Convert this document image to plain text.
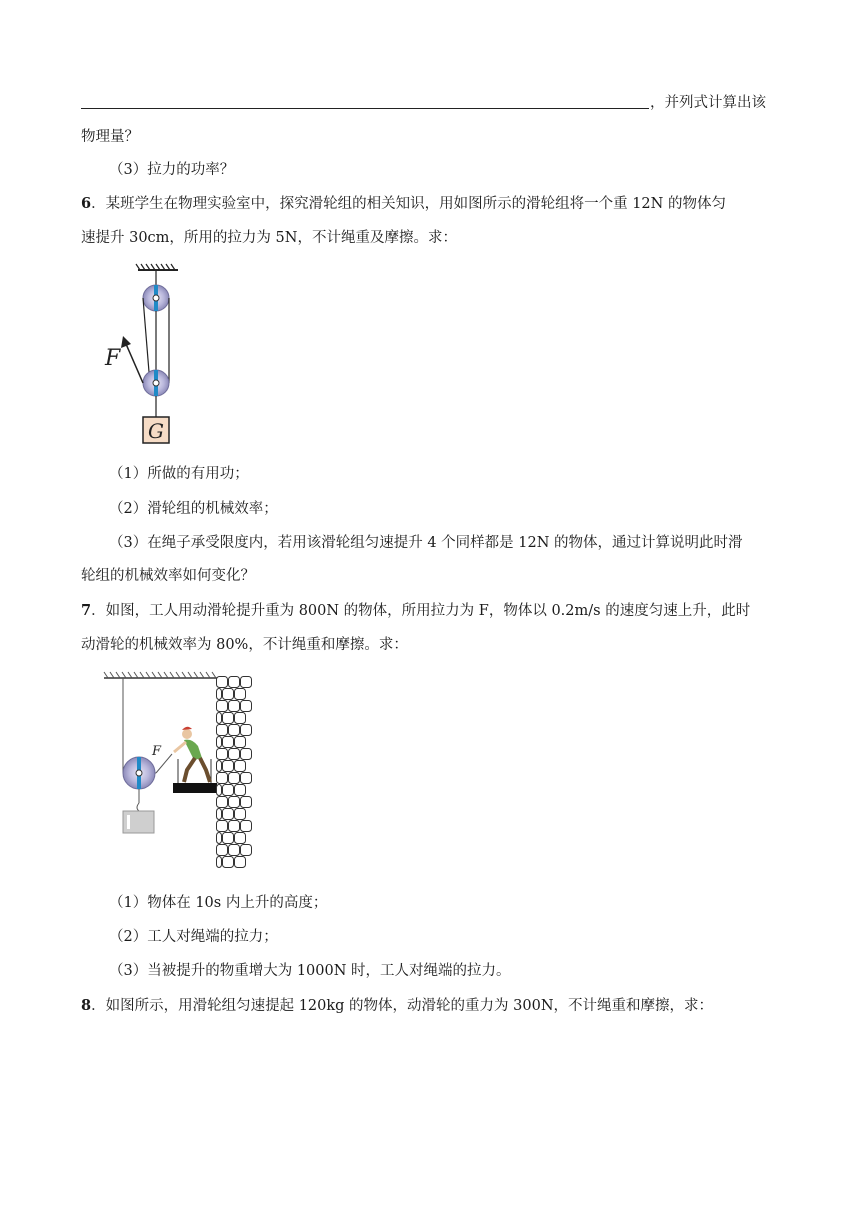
，并列式计算出该
物理量？
（3）拉力的功率？
6．某班学生在物理实验室中，探究滑轮组的相关知识，用如图所示的滑轮组将一个重 12N 的物体匀
速提升 30cm，所用的拉力为 5N，不计绳重及摩擦。求：
F
G
（1）所做的有用功；
（2）滑轮组的机械效率；
（3）在绳子承受限度内，若用该滑轮组匀速提升 4 个同样都是 12N 的物体，通过计算说明此时滑
轮组的机械效率如何变化？
7．如图，工人用动滑轮提升重为 800N 的物体，所用拉力为 F，物体以 0.2m/s 的速度匀速上升，此时
动滑轮的机械效率为 80%，不计绳重和摩擦。求：
F
（1）物体在 10s 内上升的高度；
（2）工人对绳端的拉力；
（3）当被提升的物重增大为 1000N 时，工人对绳端的拉力。
8．如图所示，用滑轮组匀速提起 120kg 的物体，动滑轮的重力为 300N，不计绳重和摩擦，求：
